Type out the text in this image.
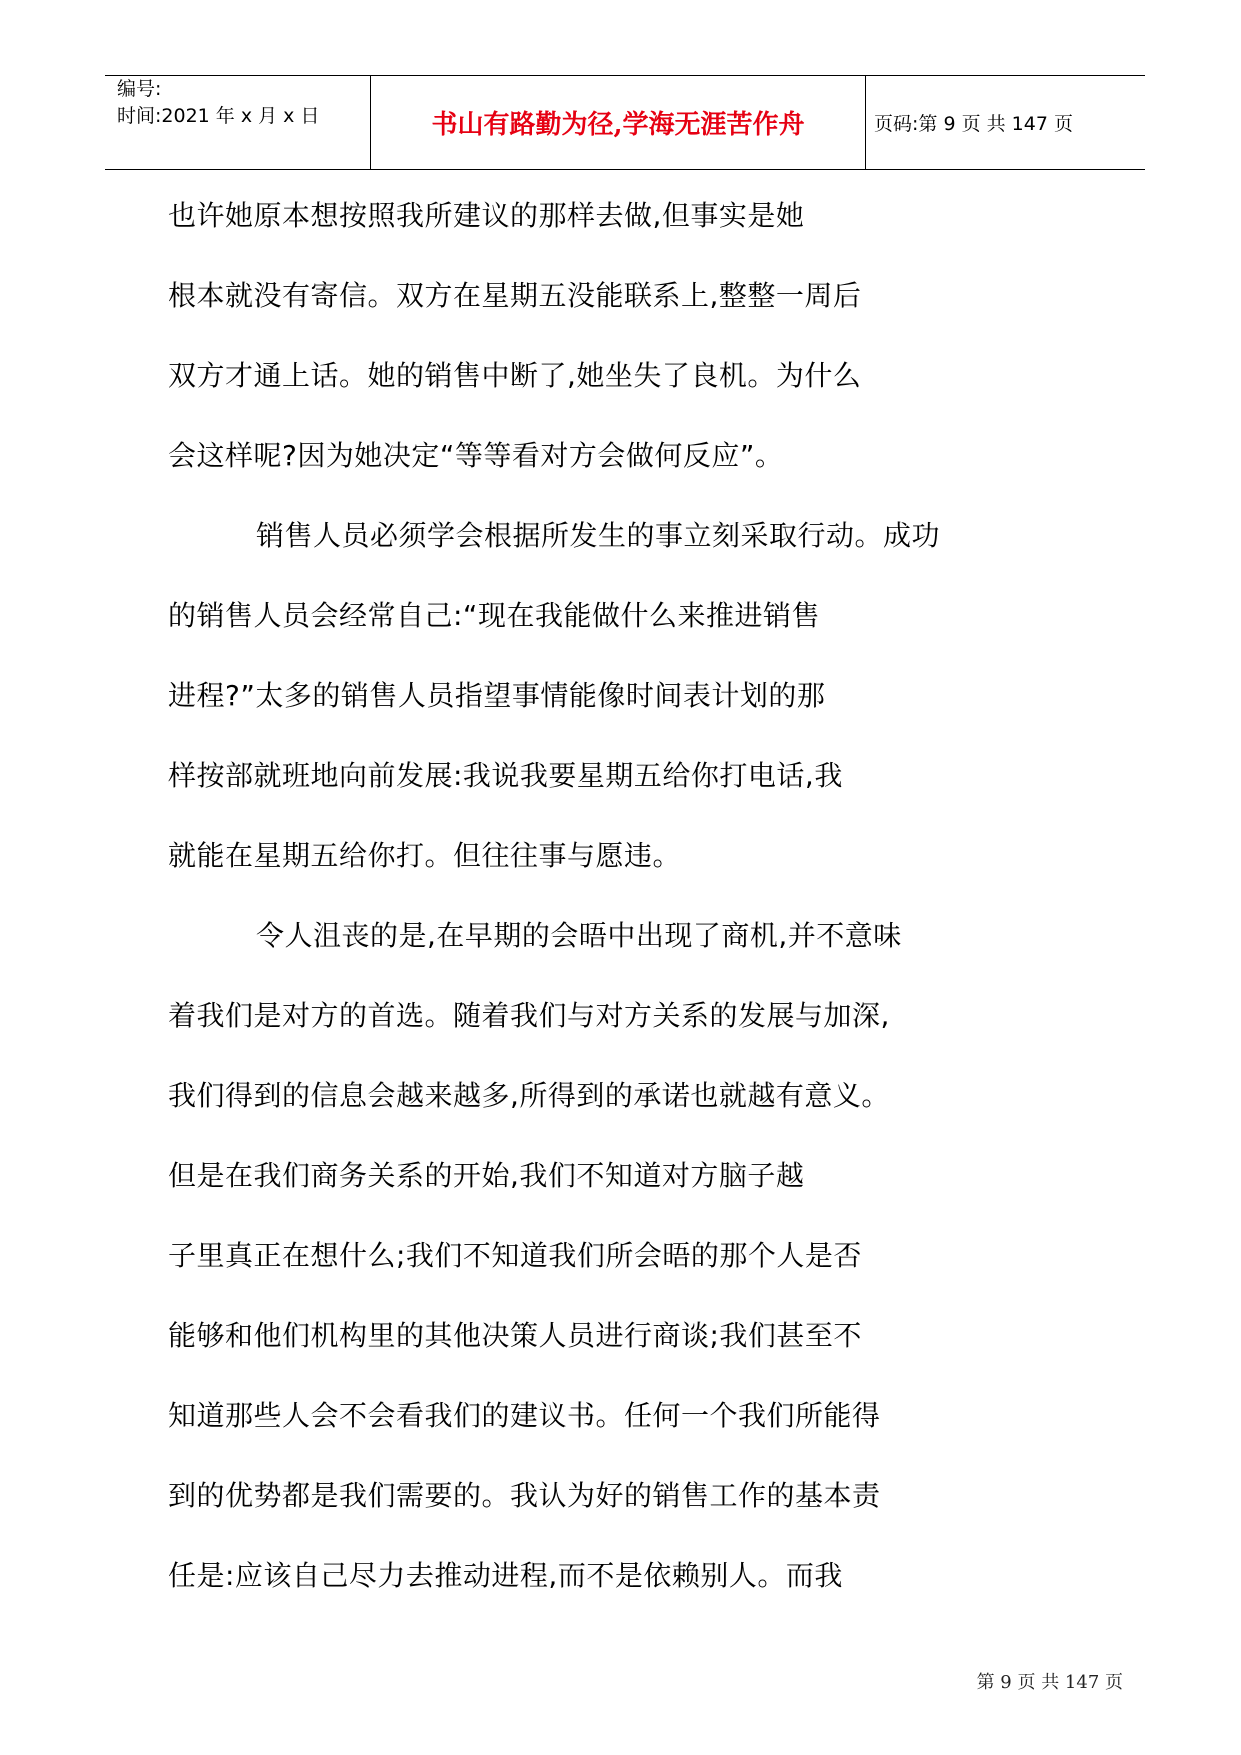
编号:
时间:2021 年 x 月 x 日	书山有路勤为径,学海无涯苦作舟	页码:第 9 页 共 147 页
也许她原本想按照我所建议的那样去做,但事实是她
根本就没有寄信。双方在星期五没能联系上,整整一周后
双方才通上话。她的销售中断了,她坐失了良机。为什么
会这样呢?因为她决定“等等看对方会做何反应”。
销售人员必须学会根据所发生的事立刻采取行动。成功
的销售人员会经常自己:“现在我能做什么来推进销售
进程?”太多的销售人员指望事情能像时间表计划的那
样按部就班地向前发展:我说我要星期五给你打电话,我
就能在星期五给你打。但往往事与愿违。
令人沮丧的是,在早期的会晤中出现了商机,并不意味
着我们是对方的首选。随着我们与对方关系的发展与加深,
我们得到的信息会越来越多,所得到的承诺也就越有意义。
但是在我们商务关系的开始,我们不知道对方脑子越
子里真正在想什么;我们不知道我们所会晤的那个人是否
能够和他们机构里的其他决策人员进行商谈;我们甚至不
知道那些人会不会看我们的建议书。任何一个我们所能得
到的优势都是我们需要的。我认为好的销售工作的基本责
任是:应该自己尽力去推动进程,而不是依赖别人。而我
第 9 页 共 147 页
